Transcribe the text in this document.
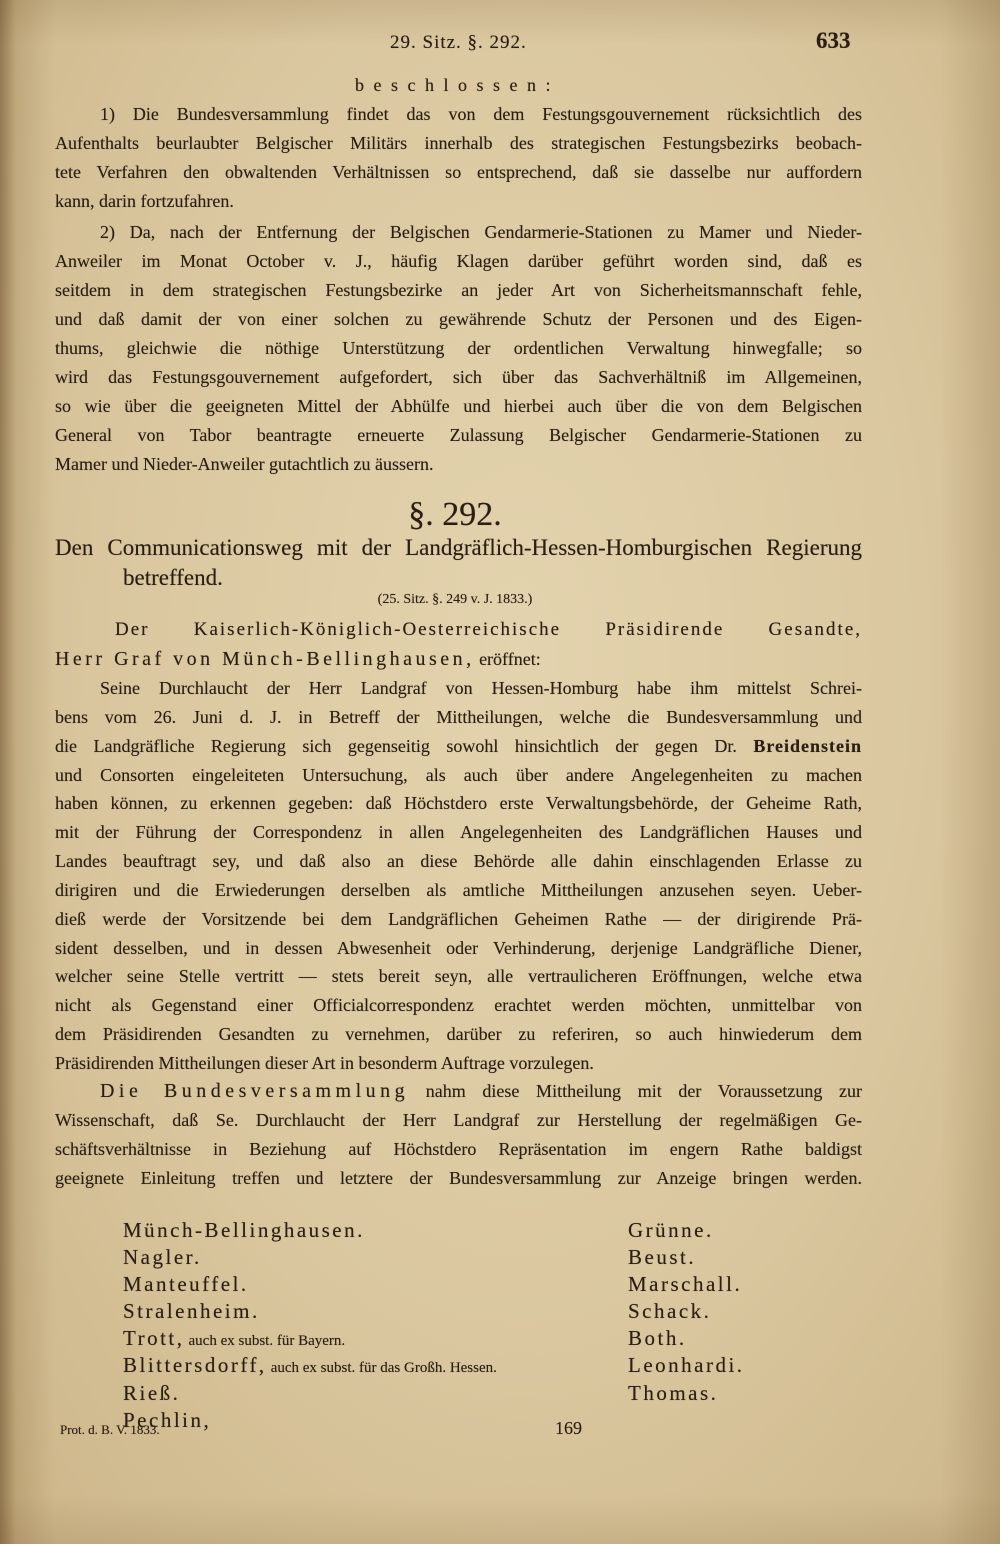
29. Sitz. §. 292.	633
beschlossen:
1) Die Bundesversammlung findet das von dem Festungsgouvernement rücksichtlich des
Aufenthalts beurlaubter Belgischer Militärs innerhalb des strategischen Festungsbezirks beobach-
tete Verfahren den obwaltenden Verhältnissen so entsprechend, daß sie dasselbe nur auffordern
kann, darin fortzufahren.
2) Da, nach der Entfernung der Belgischen Gendarmerie-Stationen zu Mamer und Nieder-
Anweiler im Monat October v. J., häufig Klagen darüber geführt worden sind, daß es
seitdem in dem strategischen Festungsbezirke an jeder Art von Sicherheitsmannschaft fehle,
und daß damit der von einer solchen zu gewährende Schutz der Personen und des Eigen-
thums, gleichwie die nöthige Unterstützung der ordentlichen Verwaltung hinwegfalle; so
wird das Festungsgouvernement aufgefordert, sich über das Sachverhältniß im Allgemeinen,
so wie über die geeigneten Mittel der Abhülfe und hierbei auch über die von dem Belgischen
General von Tabor beantragte erneuerte Zulassung Belgischer Gendarmerie-Stationen zu
Mamer und Nieder-Anweiler gutachtlich zu äussern.
§. 292.
Den Communicationsweg mit der Landgräflich-Hessen-Homburgischen Regierung
betreffend.
(25. Sitz. §. 249 v. J. 1833.)
Der Kaiserlich-Königlich-Oesterreichische Präsidirende Gesandte,
Herr Graf von Münch-Bellinghausen, eröffnet:
Seine Durchlaucht der Herr Landgraf von Hessen-Homburg habe ihm mittelst Schrei-
bens vom 26. Juni d. J. in Betreff der Mittheilungen, welche die Bundesversammlung und
die Landgräfliche Regierung sich gegenseitig sowohl hinsichtlich der gegen Dr. Breidenstein
und Consorten eingeleiteten Untersuchung, als auch über andere Angelegenheiten zu machen
haben können, zu erkennen gegeben: daß Höchstdero erste Verwaltungsbehörde, der Geheime Rath,
mit der Führung der Correspondenz in allen Angelegenheiten des Landgräflichen Hauses und
Landes beauftragt sey, und daß also an diese Behörde alle dahin einschlagenden Erlasse zu
dirigiren und die Erwiederungen derselben als amtliche Mittheilungen anzusehen seyen. Ueber-
dieß werde der Vorsitzende bei dem Landgräflichen Geheimen Rathe — der dirigirende Prä-
sident desselben, und in dessen Abwesenheit oder Verhinderung, derjenige Landgräfliche Diener,
welcher seine Stelle vertritt — stets bereit seyn, alle vertraulicheren Eröffnungen, welche etwa
nicht als Gegenstand einer Officialcorrespondenz erachtet werden möchten, unmittelbar von
dem Präsidirenden Gesandten zu vernehmen, darüber zu referiren, so auch hinwiederum dem
Präsidirenden Mittheilungen dieser Art in besonderm Auftrage vorzulegen.
Die Bundesversammlung nahm diese Mittheilung mit der Voraussetzung zur
Wissenschaft, daß Se. Durchlaucht der Herr Landgraf zur Herstellung der regelmäßigen Ge-
schäftsverhältnisse in Beziehung auf Höchstdero Repräsentation im engern Rathe baldigst
geeignete Einleitung treffen und letztere der Bundesversammlung zur Anzeige bringen werden.
Münch-Bellinghausen.
Nagler.
Manteuffel.
Stralenheim.
Trott, auch ex subst. für Bayern.
Blittersdorff, auch ex subst. für das Großh. Hessen.
Rieß.
Pechlin,
Grünne.
Beust.
Marschall.
Schack.
Both.
Leonhardi.
Thomas.
Prot. d. B. V. 1833.	169
